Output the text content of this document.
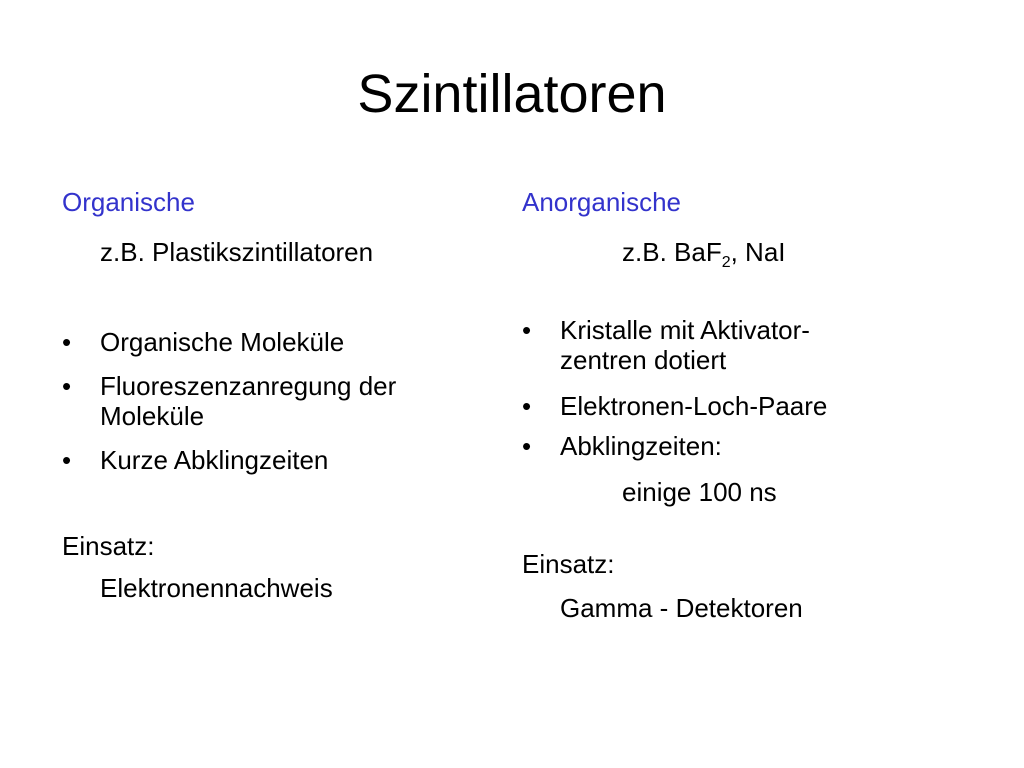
Szintillatoren
Organische
z.B. Plastikszintillatoren
• Organische Moleküle
• Fluoreszenzanregung der
Moleküle
• Kurze Abklingzeiten
Einsatz:
Elektronennachweis
Anorganische
z.B. BaF$_2$, NaI
• Kristalle mit Aktivator-
zentren dotiert
• Elektronen-Loch-Paare
• Abklingzeiten:
einige 100 ns
Einsatz:
Gamma - Detektoren
